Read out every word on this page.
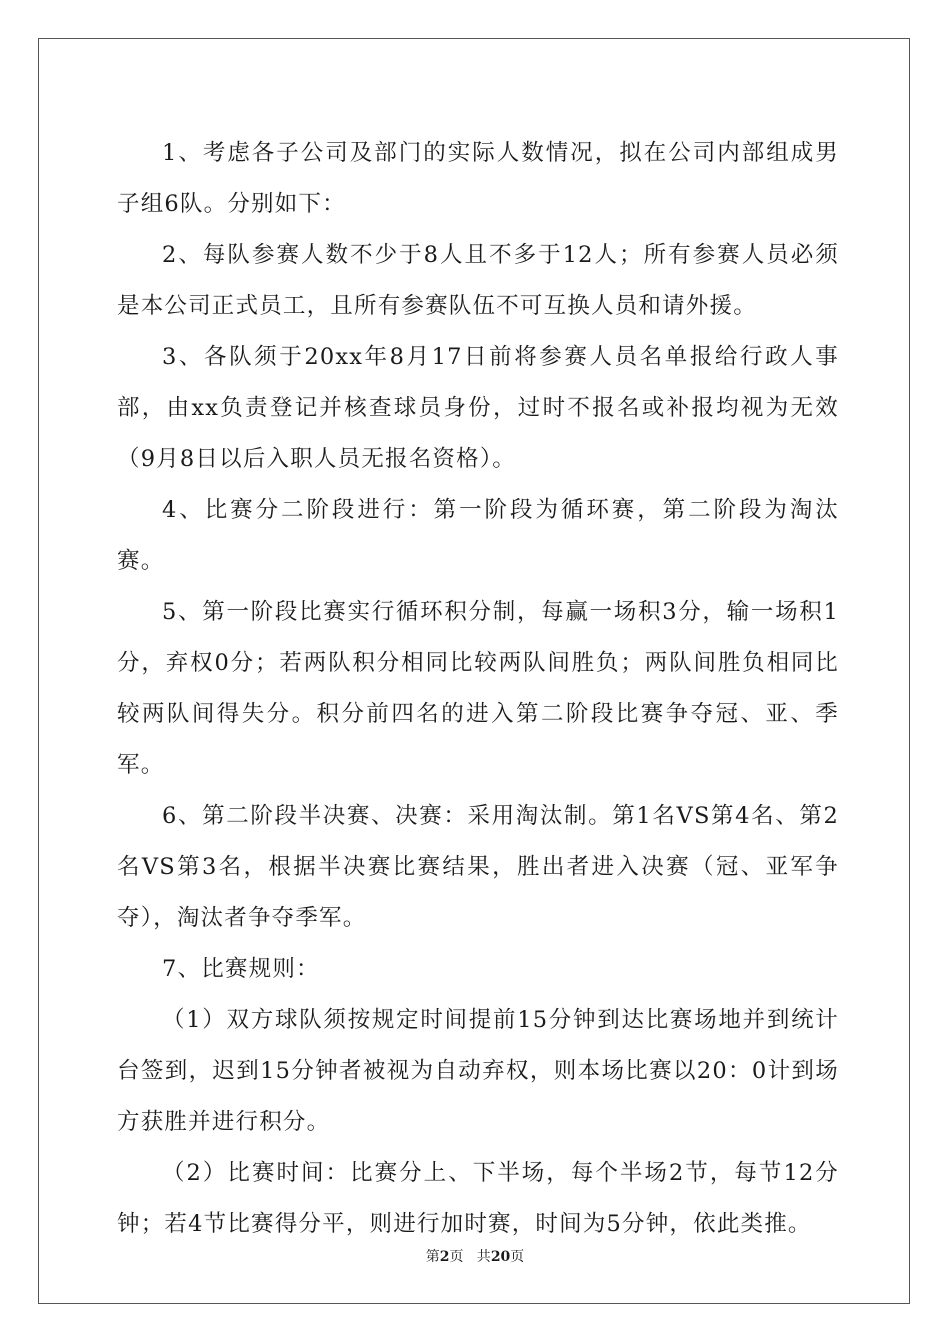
1、考虑各子公司及部门的实际人数情况，拟在公司内部组成男子组6队。分别如下：

2、每队参赛人数不少于8人且不多于12人；所有参赛人员必须是本公司正式员工，且所有参赛队伍不可互换人员和请外援。

3、各队须于20xx年8月17日前将参赛人员名单报给行政人事部，由xx负责登记并核查球员身份，过时不报名或补报均视为无效（9月8日以后入职人员无报名资格）。

4、比赛分二阶段进行：第一阶段为循环赛，第二阶段为淘汰赛。

5、第一阶段比赛实行循环积分制，每赢一场积3分，输一场积1分，弃权0分；若两队积分相同比较两队间胜负；两队间胜负相同比较两队间得失分。积分前四名的进入第二阶段比赛争夺冠、亚、季军。

6、第二阶段半决赛、决赛：采用淘汰制。第1名VS第4名、第2名VS第3名，根据半决赛比赛结果，胜出者进入决赛（冠、亚军争夺），淘汰者争夺季军。

7、比赛规则：

（1）双方球队须按规定时间提前15分钟到达比赛场地并到统计台签到，迟到15分钟者被视为自动弃权，则本场比赛以20：0计到场方获胜并进行积分。

（2）比赛时间：比赛分上、下半场，每个半场2节，每节12分钟；若4节比赛得分平，则进行加时赛，时间为5分钟，依此类推。

第2页   共20页
